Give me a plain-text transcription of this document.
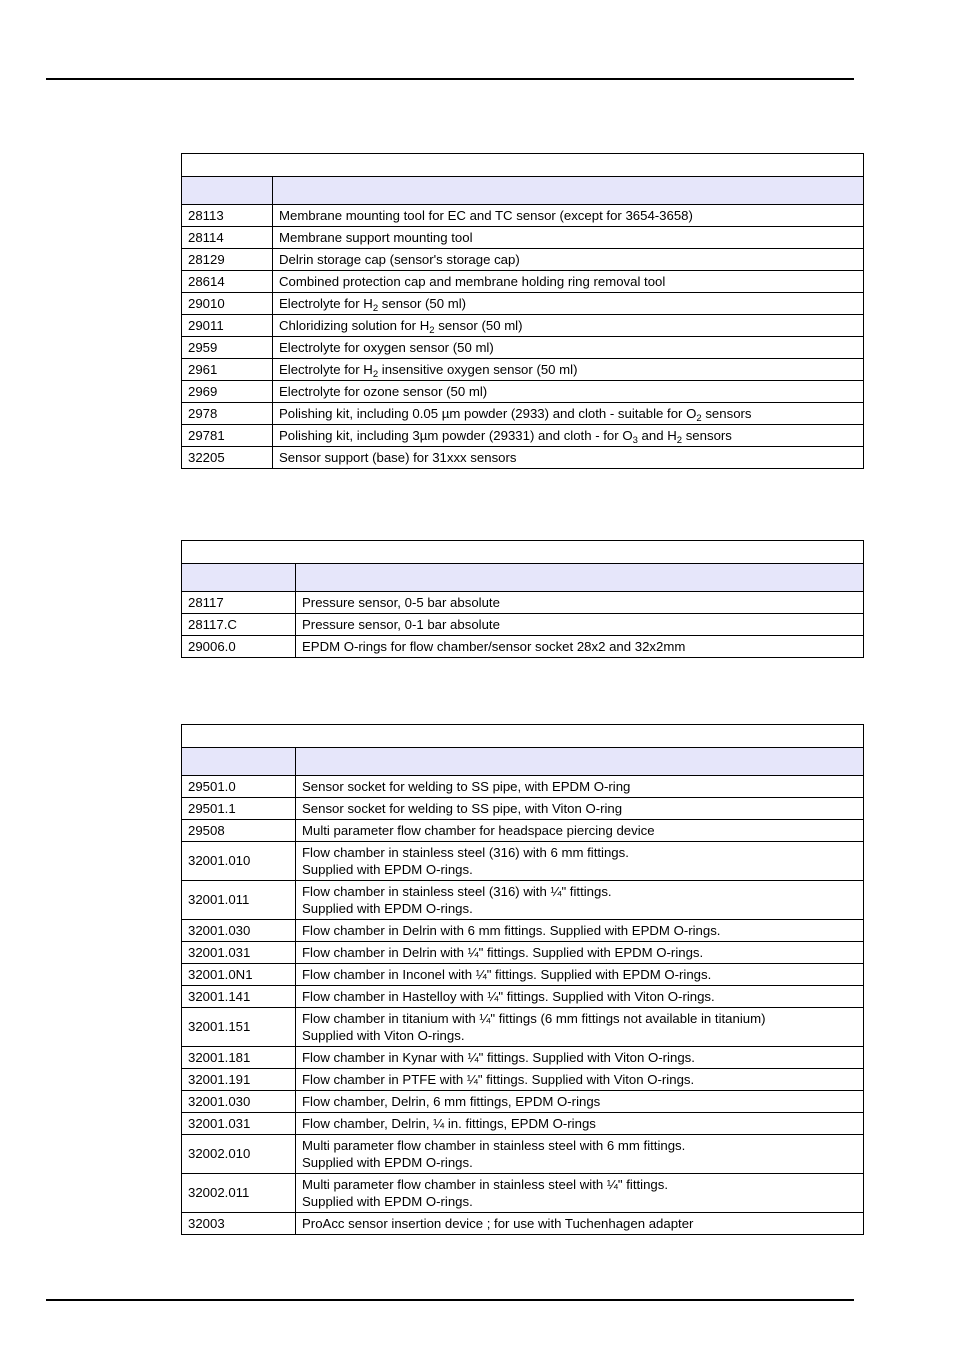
28113	Membrane mounting tool for EC and TC sensor (except for 3654-3658)
28114	Membrane support mounting tool
28129	Delrin storage cap (sensor's storage cap)
28614	Combined protection cap and membrane holding ring removal tool
29010	Electrolyte for $H_2$ sensor (50 ml)
29011	Chloridizing solution for $H_2$ sensor (50 ml)
2959	Electrolyte for oxygen sensor (50 ml)
2961	Electrolyte for $H_2$ insensitive oxygen sensor (50 ml)
2969	Electrolyte for ozone sensor (50 ml)
2978	Polishing kit, including 0.05 µm powder (2933) and cloth - suitable for $O_2$ sensors
29781	Polishing kit, including 3µm powder (29331) and cloth - for $O_3$ and $H_2$ sensors
32205	Sensor support (base) for 31xxx sensors

28117	Pressure sensor, 0-5 bar absolute
28117.C	Pressure sensor, 0-1 bar absolute
29006.0	EPDM O-rings for flow chamber/sensor socket 28x2 and 32x2mm

29501.0	Sensor socket for welding to SS pipe, with EPDM O-ring
29501.1	Sensor socket for welding to SS pipe, with Viton O-ring
29508	Multi parameter flow chamber for headspace piercing device
32001.010	Flow chamber in stainless steel (316) with 6 mm fittings.
Supplied with EPDM O-rings.
32001.011	Flow chamber in stainless steel (316) with ¼" fittings.
Supplied with EPDM O-rings.
32001.030	Flow chamber in Delrin with 6 mm fittings. Supplied with EPDM O-rings.
32001.031	Flow chamber in Delrin with ¼" fittings. Supplied with EPDM O-rings.
32001.0N1	Flow chamber in Inconel with ¼" fittings. Supplied with EPDM O-rings.
32001.141	Flow chamber in Hastelloy with ¼" fittings. Supplied with Viton O-rings.
32001.151	Flow chamber in titanium with ¼" fittings (6 mm fittings not available in titanium)
Supplied with Viton O-rings.
32001.181	Flow chamber in Kynar with ¼" fittings. Supplied with Viton O-rings.
32001.191	Flow chamber in PTFE with ¼" fittings. Supplied with Viton O-rings.
32001.030	Flow chamber, Delrin, 6 mm fittings, EPDM O-rings
32001.031	Flow chamber, Delrin, ¼ in. fittings, EPDM O-rings
32002.010	Multi parameter flow chamber in stainless steel with 6 mm fittings.
Supplied with EPDM O-rings.
32002.011	Multi parameter flow chamber in stainless steel with ¼" fittings.
Supplied with EPDM O-rings.
32003	ProAcc sensor insertion device ; for use with Tuchenhagen adapter
